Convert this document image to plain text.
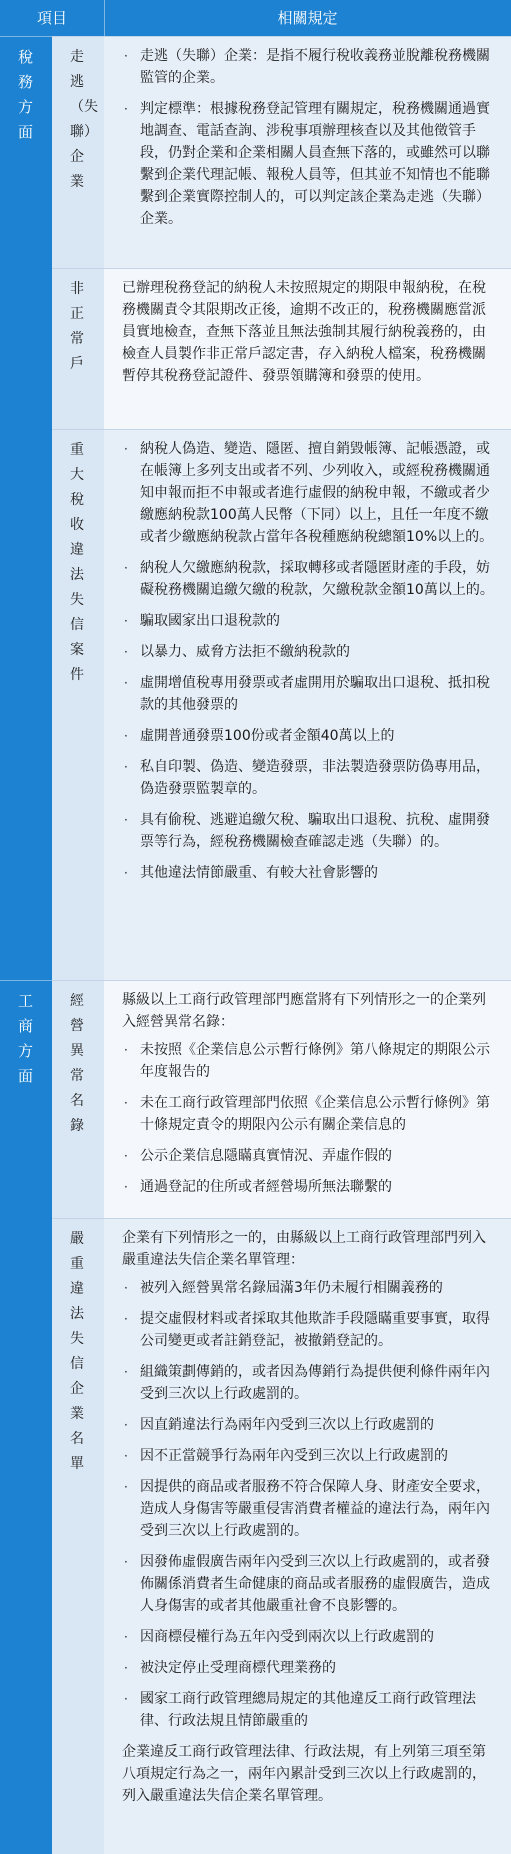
項目	相關規定
稅務方面
走逃（失聯）企業
· 走逃（失聯）企業：是指不履行稅收義務並脫離稅務機關監管的企業。
· 判定標準：根據稅務登記管理有關規定，稅務機關通過實地調查、電話查詢、涉稅事項辦理核查以及其他徵管手段，仍對企業和企業相關人員查無下落的，或雖然可以聯繫到企業代理記帳、報稅人員等，但其並不知情也不能聯繫到企業實際控制人的，可以判定該企業為走逃（失聯）企業。
非正常戶

已辦理稅務登記的納稅人未按照規定的期限申報納稅，在稅務機關責令其限期改正後，逾期不改正的，稅務機關應當派員實地檢查，查無下落並且無法強制其履行納稅義務的，由檢查人員製作非正常戶認定書，存入納稅人檔案，稅務機關暫停其稅務登記證件、發票領購簿和發票的使用。

重大稅收違法失信案件
· 納稅人偽造、變造、隱匿、擅自銷毀帳簿、記帳憑證，或在帳簿上多列支出或者不列、少列收入，或經稅務機關通知申報而拒不申報或者進行虛假的納稅申報，不繳或者少繳應納稅款100萬人民幣（下同）以上，且任一年度不繳或者少繳應納稅款占當年各稅種應納稅總額10%以上的。
· 納稅人欠繳應納稅款，採取轉移或者隱匿財產的手段，妨礙稅務機關追繳欠繳的稅款，欠繳稅款金額10萬以上的。
· 騙取國家出口退稅款的
· 以暴力、威脅方法拒不繳納稅款的
· 虛開增值稅專用發票或者虛開用於騙取出口退稅、抵扣稅款的其他發票的
· 虛開普通發票100份或者金額40萬以上的
· 私自印製、偽造、變造發票，非法製造發票防偽專用品，偽造發票監製章的。
· 具有偷稅、逃避追繳欠稅、騙取出口退稅、抗稅、虛開發票等行為，經稅務機關檢查確認走逃（失聯）的。
· 其他違法情節嚴重、有較大社會影響的
工商方面
經營異常名錄

縣級以上工商行政管理部門應當將有下列情形之一的企業列入經營異常名錄：

· 未按照《企業信息公示暫行條例》第八條規定的期限公示年度報告的
· 未在工商行政管理部門依照《企業信息公示暫行條例》第十條規定責令的期限內公示有關企業信息的
· 公示企業信息隱瞞真實情況、弄虛作假的
· 通過登記的住所或者經營場所無法聯繫的
嚴重違法失信企業名單

企業有下列情形之一的，由縣級以上工商行政管理部門列入嚴重違法失信企業名單管理：

· 被列入經營異常名錄屆滿3年仍未履行相關義務的
· 提交虛假材料或者採取其他欺詐手段隱瞞重要事實，取得公司變更或者註銷登記，被撤銷登記的。
· 組織策劃傳銷的，或者因為傳銷行為提供便利條件兩年內受到三次以上行政處罰的。
· 因直銷違法行為兩年內受到三次以上行政處罰的
· 因不正當競爭行為兩年內受到三次以上行政處罰的
· 因提供的商品或者服務不符合保障人身、財產安全要求，造成人身傷害等嚴重侵害消費者權益的違法行為，兩年內受到三次以上行政處罰的。
· 因發佈虛假廣告兩年內受到三次以上行政處罰的，或者發佈關係消費者生命健康的商品或者服務的虛假廣告，造成人身傷害的或者其他嚴重社會不良影響的。
· 因商標侵權行為五年內受到兩次以上行政處罰的
· 被決定停止受理商標代理業務的
· 國家工商行政管理總局規定的其他違反工商行政管理法律、行政法規且情節嚴重的

企業違反工商行政管理法律、行政法規，有上列第三項至第八項規定行為之一，兩年內累計受到三次以上行政處罰的，列入嚴重違法失信企業名單管理。
